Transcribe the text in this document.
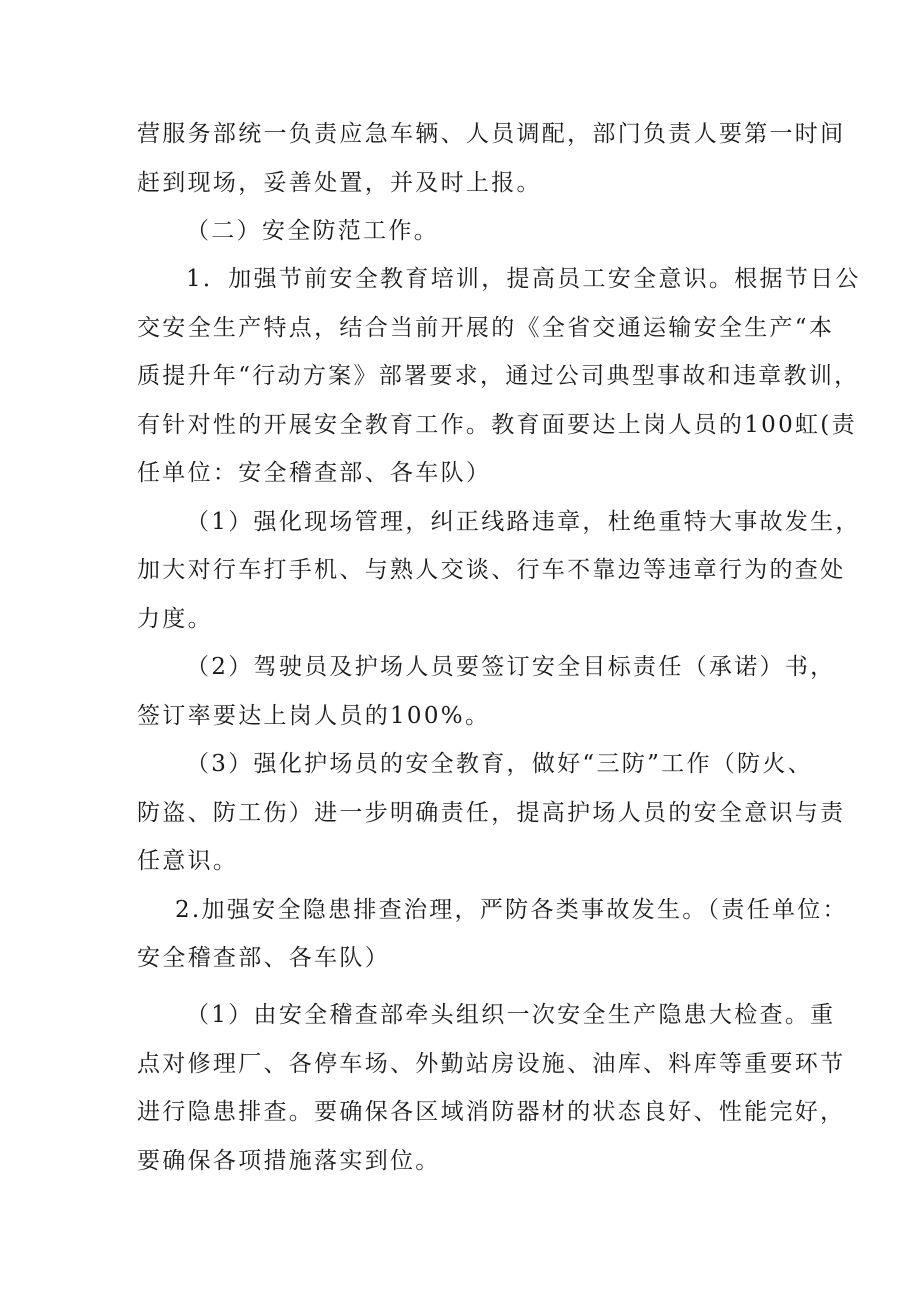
营服务部统一负责应急车辆、人员调配，部门负责人要第一时间

赶到现场，妥善处置，并及时上报。

（二）安全防范工作。

1．加强节前安全教育培训，提高员工安全意识。根据节日公

交安全生产特点，结合当前开展的《全省交通运输安全生产“本

质提升年“行动方案》部署要求，通过公司典型事故和违章教训，

有针对性的开展安全教育工作。教育面要达上岗人员的100虹(责

任单位：安全稽查部、各车队）

（1）强化现场管理，纠正线路违章，杜绝重特大事故发生，

加大对行车打手机、与熟人交谈、行车不靠边等违章行为的查处

力度。

（2）驾驶员及护场人员要签订安全目标责任（承诺）书，

签订率要达上岗人员的100%。

（3）强化护场员的安全教育，做好“三防”工作（防火、

防盗、防工伤）进一步明确责任，提高护场人员的安全意识与责

任意识。

2.加强安全隐患排查治理，严防各类事故发生。（责任单位：

安全稽查部、各车队）

（1）由安全稽查部牵头组织一次安全生产隐患大检查。重

点对修理厂、各停车场、外勤站房设施、油库、料库等重要环节

进行隐患排查。要确保各区域消防器材的状态良好、性能完好，

要确保各项措施落实到位。
